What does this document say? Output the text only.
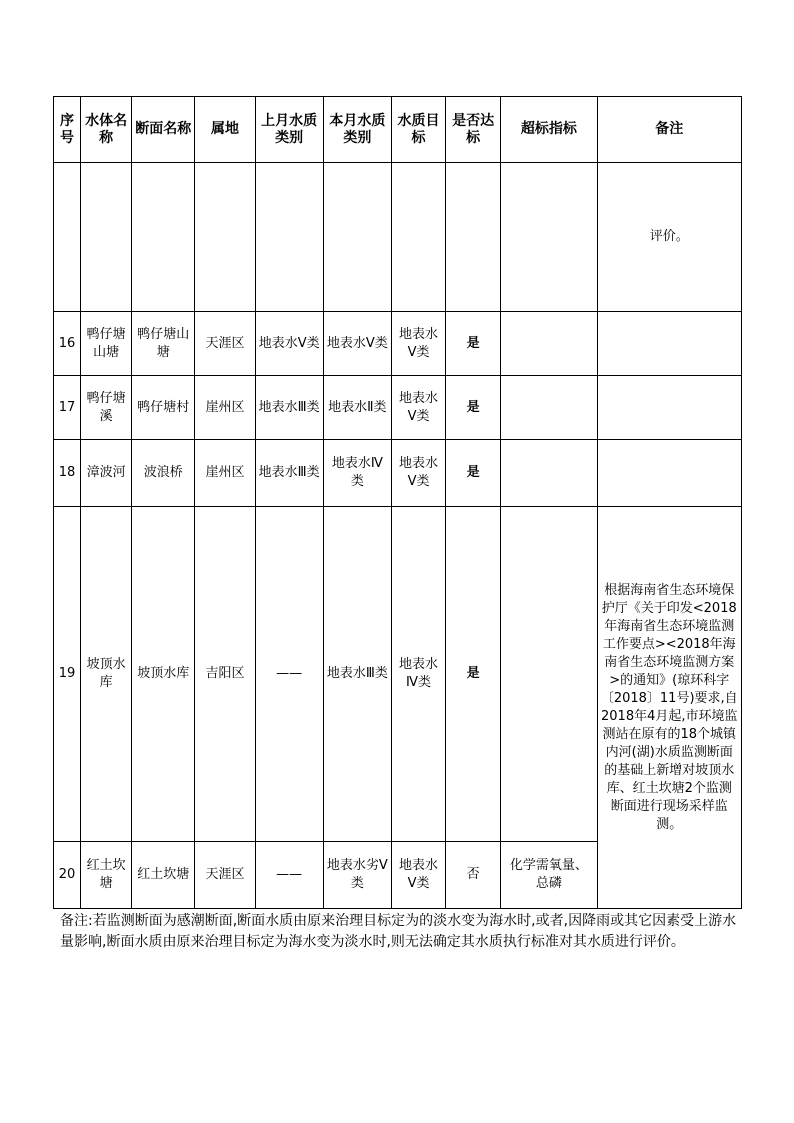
序号	水体名称	断面名称	属地	上月水质类别	本月水质类别	水质目标	是否达标	超标指标	备注
									评价。
16	鸭仔塘山塘	鸭仔塘山塘	天涯区	地表水Ⅴ类	地表水Ⅴ类	地表水Ⅴ类	是		
17	鸭仔塘溪	鸭仔塘村	崖州区	地表水Ⅲ类	地表水Ⅱ类	地表水Ⅴ类	是		
18	漳波河	波浪桥	崖州区	地表水Ⅲ类	地表水Ⅳ类	地表水Ⅴ类	是		
19	坡顶水库	坡顶水库	吉阳区	——	地表水Ⅲ类	地表水Ⅳ类	是		根据海南省生态环境保护厅《关于印发<2018年海南省生态环境监测工作要点><2018年海南省生态环境监测方案>的通知》(琼环科字〔2018〕11号)要求,自2018年4月起,市环境监测站在原有的18个城镇内河(湖)水质监测断面的基础上新增对坡顶水库、红土坎塘2个监测断面进行现场采样监测。
20	红土坎塘	红土坎塘	天涯区	——	地表水劣Ⅴ类	地表水Ⅴ类	否	化学需氧量、总磷	
备注:若监测断面为感潮断面,断面水质由原来治理目标定为的淡水变为海水时,或者,因降雨或其它因素受上游水量影响,断面水质由原来治理目标定为海水变为淡水时,则无法确定其水质执行标准对其水质进行评价。
